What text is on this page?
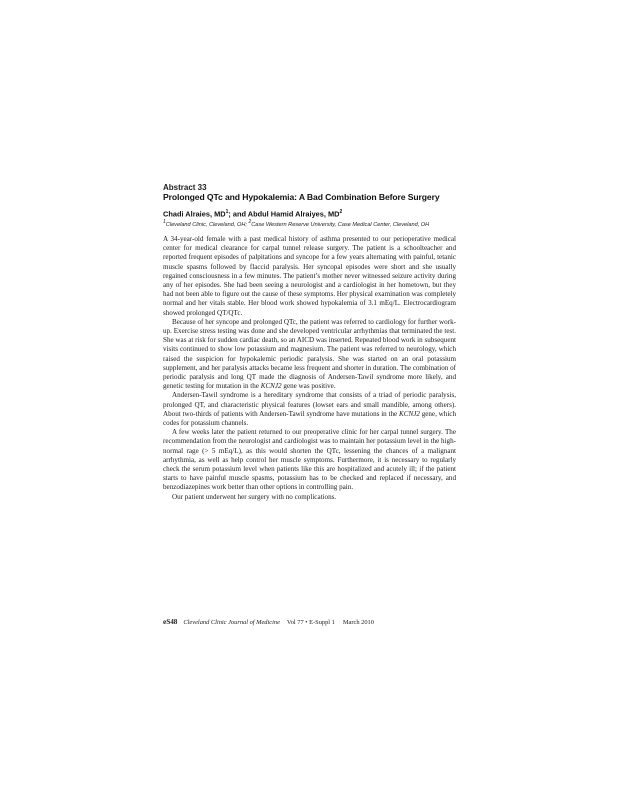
Abstract 33
Prolonged QTc and Hypokalemia: A Bad Combination Before Surgery
Chadi Alraies, $MD^1$; and Abdul Hamid Alraiyes, $MD^2$
$^1$Cleveland Clinic, Cleveland, OH; $^2$Case Western Reserve University, Case Medical Center, Cleveland, OH

A 34-year-old female with a past medical history of asthma presented to our perioperative medical center for medical clearance for carpal tunnel release surgery. The patient is a schoolteacher and reported frequent episodes of palpitations and syncope for a few years alternating with painful, tetanic muscle spasms followed by flaccid paralysis. Her syncopal episodes were short and she usually regained consciousness in a few minutes. The patient’s mother never witnessed seizure activity during any of her episodes. She had been seeing a neurologist and a cardiologist in her hometown, but they had not been able to figure out the cause of these symptoms. Her physical examination was completely normal and her vitals stable. Her blood work showed hypokalemia of 3.1 mEq/L. Electrocardiogram showed prolonged QT/QTc.

Because of her syncope and prolonged QTc, the patient was referred to cardiology for further work-up. Exercise stress testing was done and she developed ventricular arrhythmias that terminated the test. She was at risk for sudden cardiac death, so an AICD was inserted. Repeated blood work in subsequent visits continued to show low potassium and magnesium. The patient was referred to neurology, which raised the suspicion for hypokalemic periodic paralysis. She was started on an oral potassium supplement, and her paralysis attacks became less frequent and shorter in duration. The combination of periodic paralysis and long QT made the diagnosis of Andersen-Tawil syndrome more likely, and genetic testing for mutation in the KCNJ2 gene was positive.

Andersen-Tawil syndrome is a hereditary syndrome that consists of a triad of periodic paralysis, prolonged QT, and characteristic physical features (lowset ears and small mandible, among others). About two-thirds of patients with Andersen-Tawil syndrome have mutations in the KCNJ2 gene, which codes for potassium channels.

A few weeks later the patient returned to our preoperative clinic for her carpal tunnel surgery. The recommendation from the neurologist and cardiologist was to maintain her potassium level in the high-normal rage (> 5 mEq/L), as this would shorten the QTc, lessening the chances of a malignant arrhythmia, as well as help control her muscle symptoms. Furthermore, it is necessary to regularly check the serum potassium level when patients like this are hospitalized and acutely ill; if the patient starts to have painful muscle spasms, potassium has to be checked and replaced if necessary, and benzodiazepines work better than other options in controlling pain.

Our patient underwent her surgery with no complications.

eS48 Cleveland Clinic Journal of Medicine Vol 77 • E-Suppl 1 March 2010
